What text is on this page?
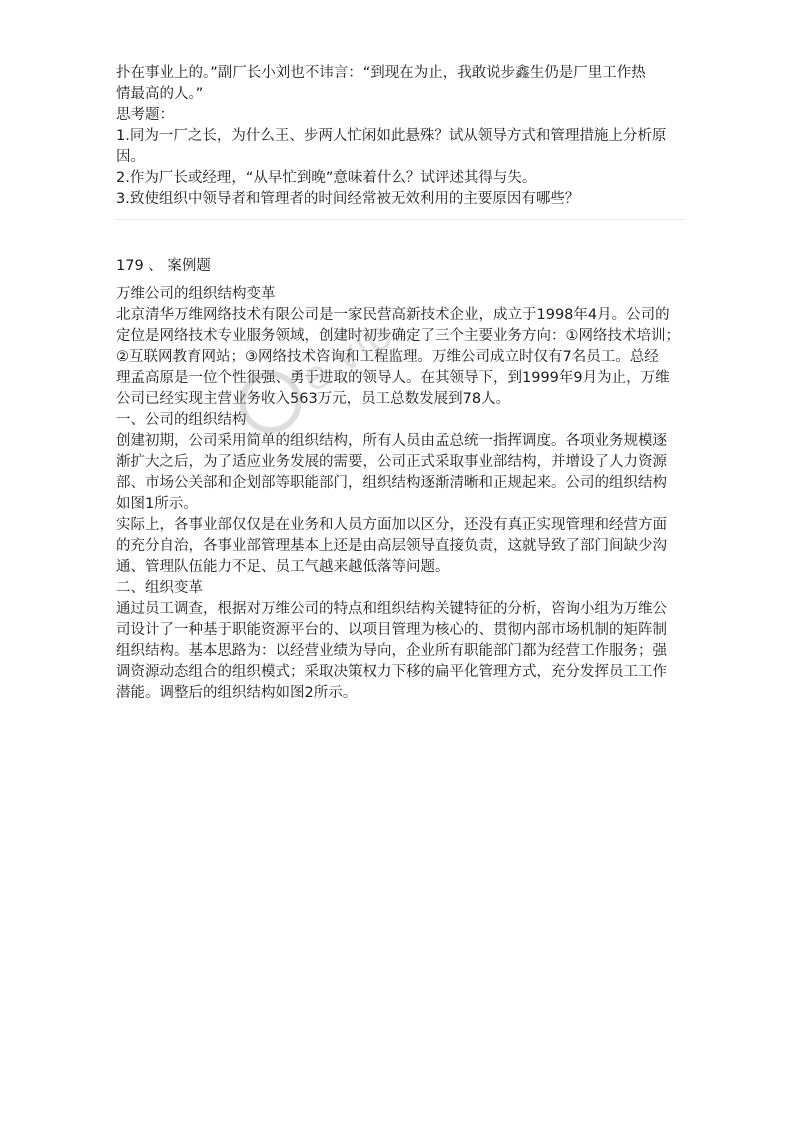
扑在事业上的。”副厂长小刘也不讳言：“到现在为止，我敢说步鑫生仍是厂里工作热
情最高的人。”
思考题：
1.同为一厂之长，为什么王、步两人忙闲如此悬殊？试从领导方式和管理措施上分析原
因。
2.作为厂长或经理，“从早忙到晚”意味着什么？试评述其得与失。
3.致使组织中领导者和管理者的时间经常被无效利用的主要原因有哪些？
179 、 案例题
万维公司的组织结构变革
北京清华万维网络技术有限公司是一家民营高新技术企业，成立于1998年4月。公司的
定位是网络技术专业服务领域，创建时初步确定了三个主要业务方向：①网络技术培训；
②互联网教育网站；③网络技术咨询和工程监理。万维公司成立时仅有7名员工。总经
理孟高原是一位个性很强、勇于进取的领导人。在其领导下，到1999年9月为止，万维
公司已经实现主营业务收入563万元，员工总数发展到78人。
一、公司的组织结构
创建初期，公司采用简单的组织结构，所有人员由孟总统一指挥调度。各项业务规模逐
渐扩大之后，为了适应业务发展的需要，公司正式采取事业部结构，并增设了人力资源
部、市场公关部和企划部等职能部门，组织结构逐渐清晰和正规起来。公司的组织结构
如图1所示。
实际上，各事业部仅仅是在业务和人员方面加以区分，还没有真正实现管理和经营方面
的充分自治，各事业部管理基本上还是由高层领导直接负责，这就导致了部门间缺少沟
通、管理队伍能力不足、员工气越来越低落等问题。
二、组织变革
通过员工调查，根据对万维公司的特点和组织结构关键特征的分析，咨询小组为万维公
司设计了一种基于职能资源平台的、以项目管理为核心的、贯彻内部市场机制的矩阵制
组织结构。基本思路为：以经营业绩为导向，企业所有职能部门都为经营工作服务；强
调资源动态组合的组织模式；采取决策权力下移的扁平化管理方式，充分发挥员工工作
潜能。调整后的组织结构如图2所示。
e.vip
